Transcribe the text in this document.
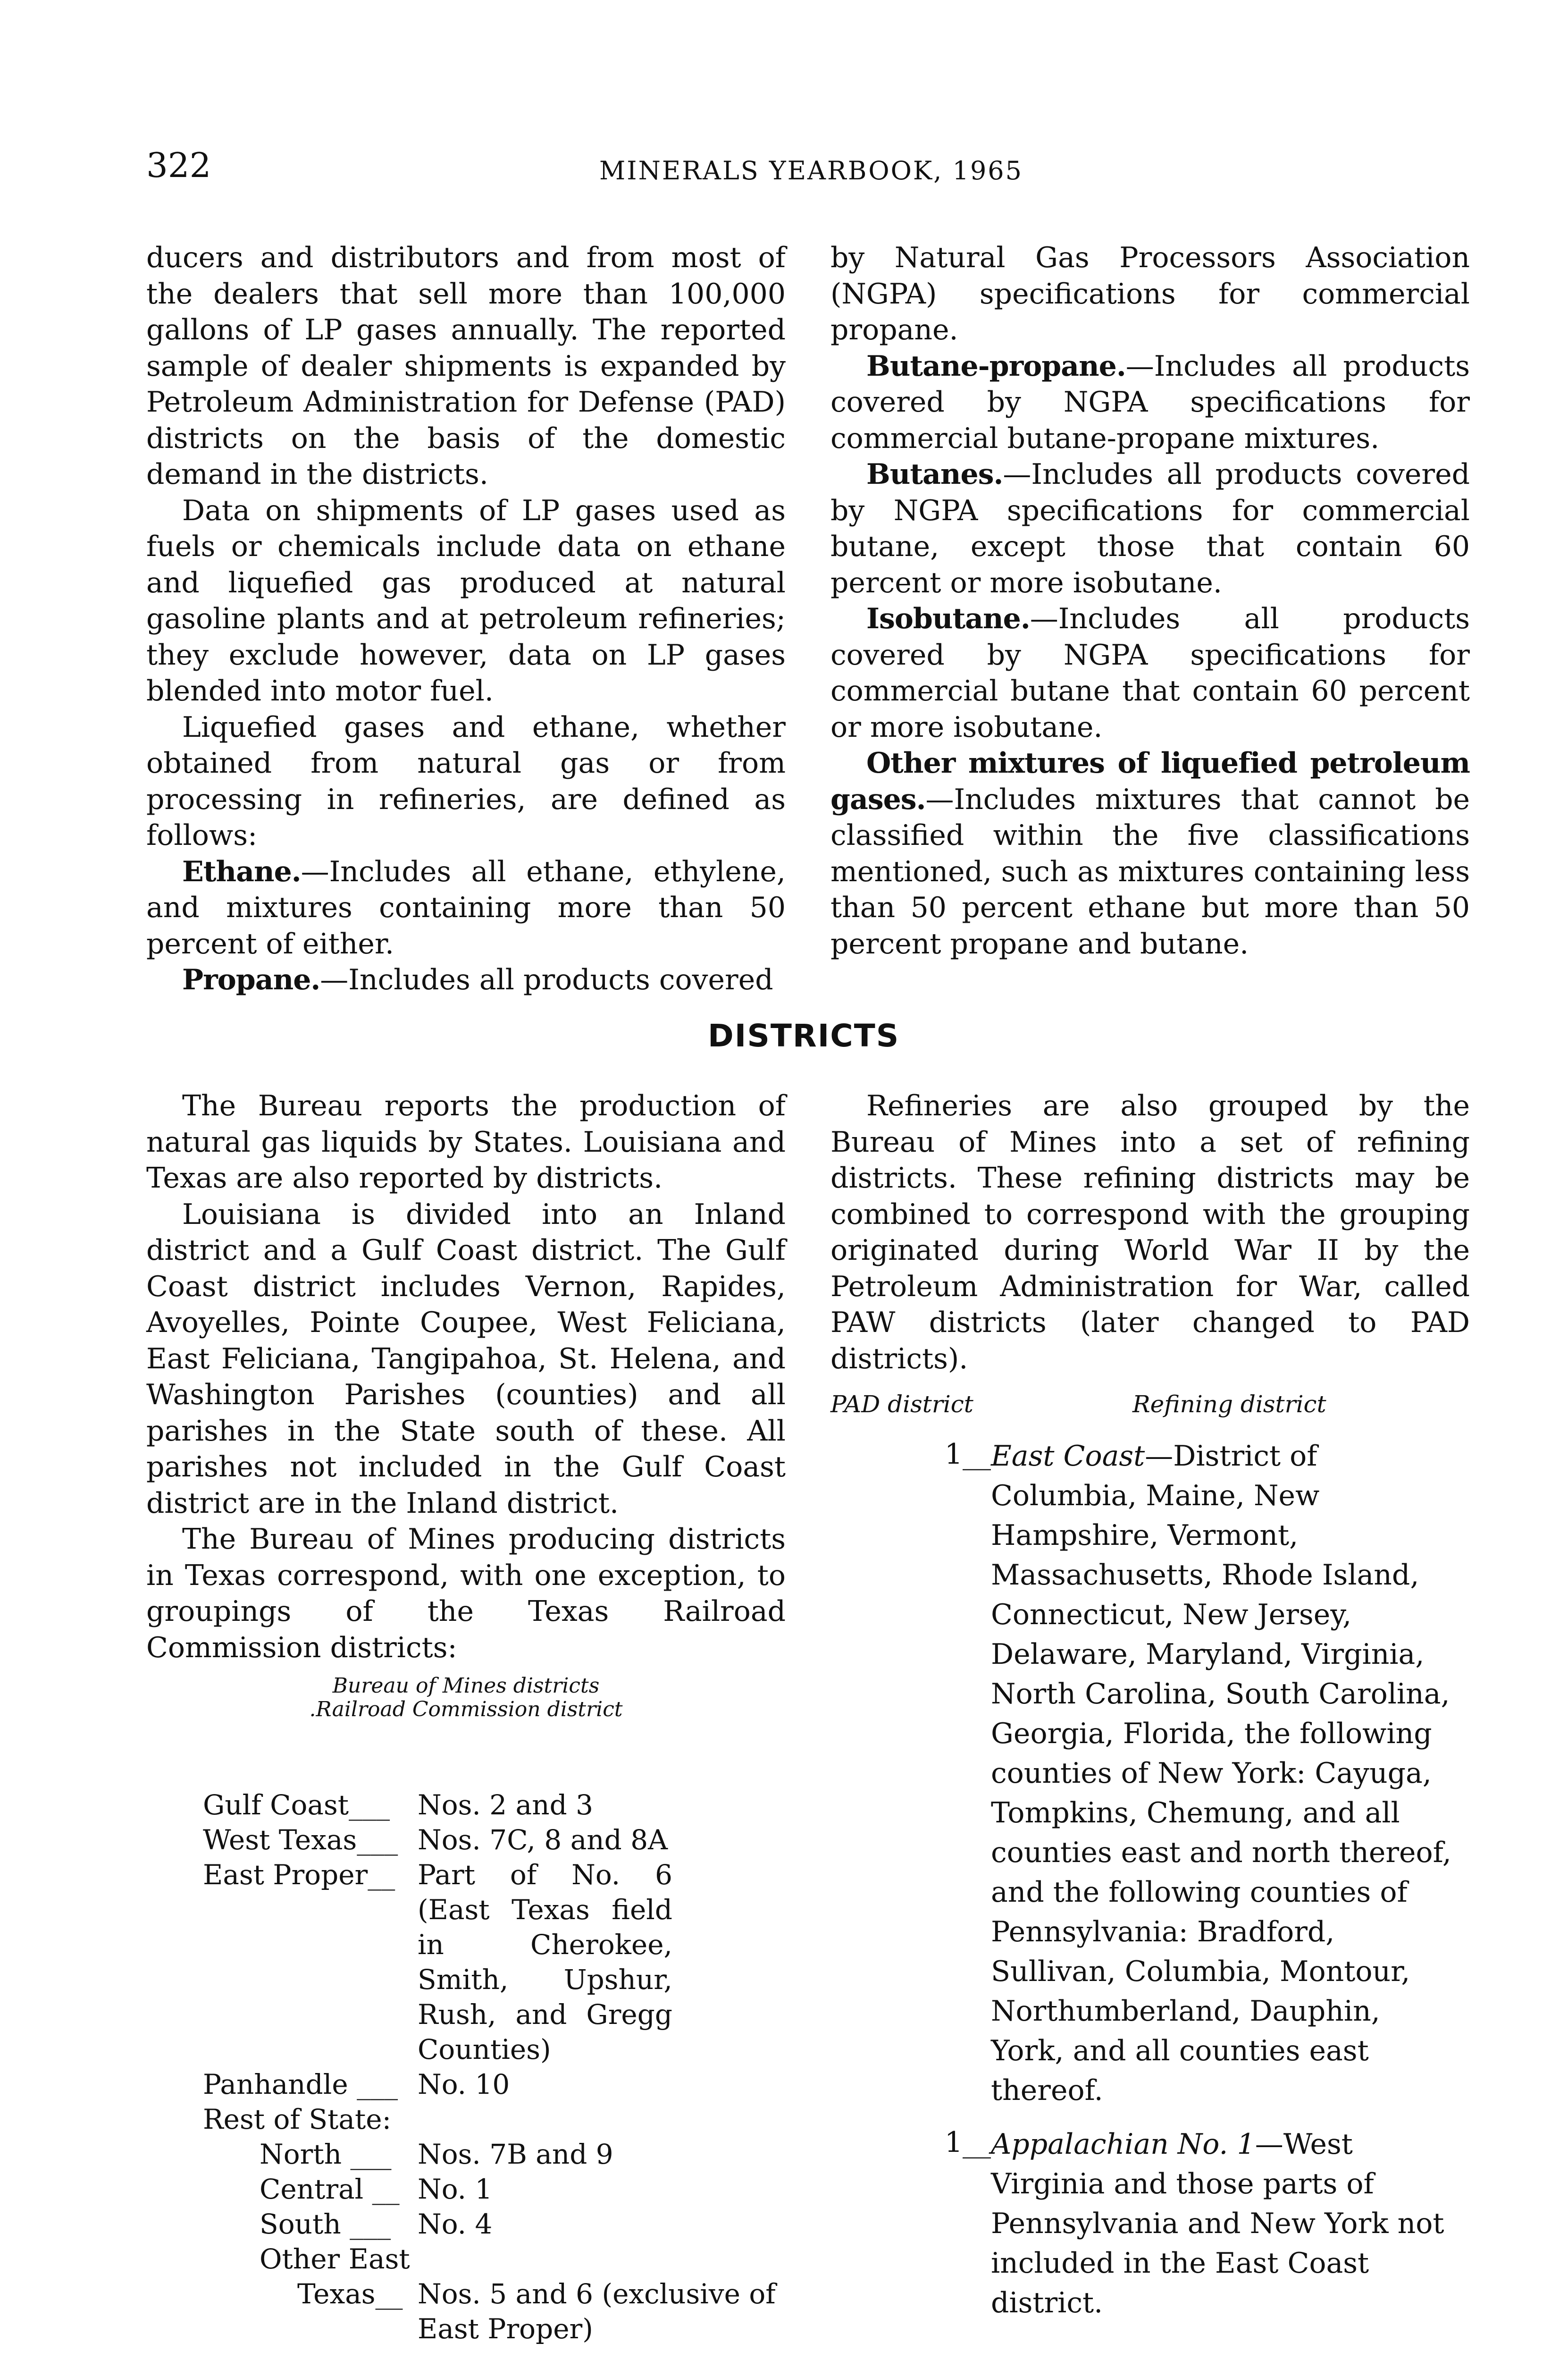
322	MINERALS YEARBOOK, 1965

ducers and distributors and from most of the dealers that sell more than 100,000 gallons of LP gases annually. The reported sample of dealer shipments is expanded by Petroleum Administration for Defense (PAD) districts on the basis of the domestic demand in the districts.

Data on shipments of LP gases used as fuels or chemicals include data on ethane and liquefied gas produced at natural gasoline plants and at petroleum refineries; they exclude however, data on LP gases blended into motor fuel.

Liquefied gases and ethane, whether obtained from natural gas or from processing in refineries, are defined as follows:

Ethane.—Includes all ethane, ethylene, and mixtures containing more than 50 percent of either.

Propane.—Includes all products covered

by Natural Gas Processors Association (NGPA) specifications for commercial propane.

Butane-propane.—Includes all products covered by NGPA specifications for commercial butane-propane mixtures.

Butanes.—Includes all products covered by NGPA specifications for commercial butane, except those that contain 60 percent or more isobutane.

Isobutane.—Includes all products covered by NGPA specifications for commercial butane that contain 60 percent or more isobutane.

Other mixtures of liquefied petroleum gases.—Includes mixtures that cannot be classified within the five classifications mentioned, such as mixtures containing less than 50 percent ethane but more than 50 percent propane and butane.

DISTRICTS

The Bureau reports the production of natural gas liquids by States. Louisiana and Texas are also reported by districts.

Louisiana is divided into an Inland district and a Gulf Coast district. The Gulf Coast district includes Vernon, Rapides, Avoyelles, Pointe Coupee, West Feliciana, East Feliciana, Tangipahoa, St. Helena, and Washington Parishes (counties) and all parishes in the State south of these. All parishes not included in the Gulf Coast district are in the Inland district.

The Bureau of Mines producing districts in Texas correspond, with one exception, to groupings of the Texas Railroad Commission districts:

Bureau of Mines districts
.Railroad Commission district
Gulf Coast___	Nos. 2 and 3
West Texas___ Nos. 7C, 8 and 8A
East Proper__ Part of No. 6 (East Texas field in Cherokee, Smith, Upshur, Rush, and Gregg Counties)
Panhandle ___ No. 10
Rest of State:
North ___ Nos. 7B and 9
Central __ No. 1
South ___ No. 4
Other East
Texas__ Nos. 5 and 6 (exclusive of East Proper)

Refineries are also grouped by the Bureau of Mines into a set of refining districts. These refining districts may be combined to correspond with the grouping originated during World War II by the Petroleum Administration for War, called PAW districts (later changed to PAD districts).

PAD district	Refining district
1__ East Coast—District of Columbia, Maine, New Hampshire, Vermont, Massachusetts, Rhode Island, Connecticut, New Jersey, Delaware, Maryland, Virginia, North Carolina, South Carolina, Georgia, Florida, the following counties of New York: Cayuga, Tompkins, Chemung, and all counties east and north thereof, and the following counties of Pennsylvania: Bradford, Sullivan, Columbia, Montour, Northumberland, Dauphin, York, and all counties east thereof.
1__ Appalachian No. 1—West Virginia and those parts of Pennsylvania and New York not included in the East Coast district.
